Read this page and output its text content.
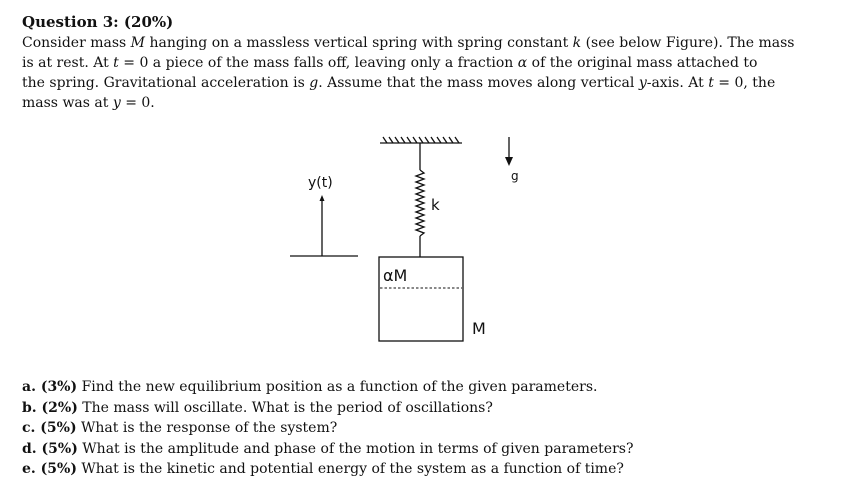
Question 3: (20%)
Consider mass M hanging on a massless vertical spring with spring constant k (see below Figure). The mass
is at rest. At t = 0 a piece of the mass falls off, leaving only a fraction α of the original mass attached to
the spring. Gravitational acceleration is g. Assume that the mass moves along vertical y-axis. At t = 0, the
mass was at y = 0.
k
g
y(t)
αM
M
a. (3%) Find the new equilibrium position as a function of the given parameters.
b. (2%) The mass will oscillate. What is the period of oscillations?
c. (5%) What is the response of the system?
d. (5%) What is the amplitude and phase of the motion in terms of given parameters?
e. (5%) What is the kinetic and potential energy of the system as a function of time?
